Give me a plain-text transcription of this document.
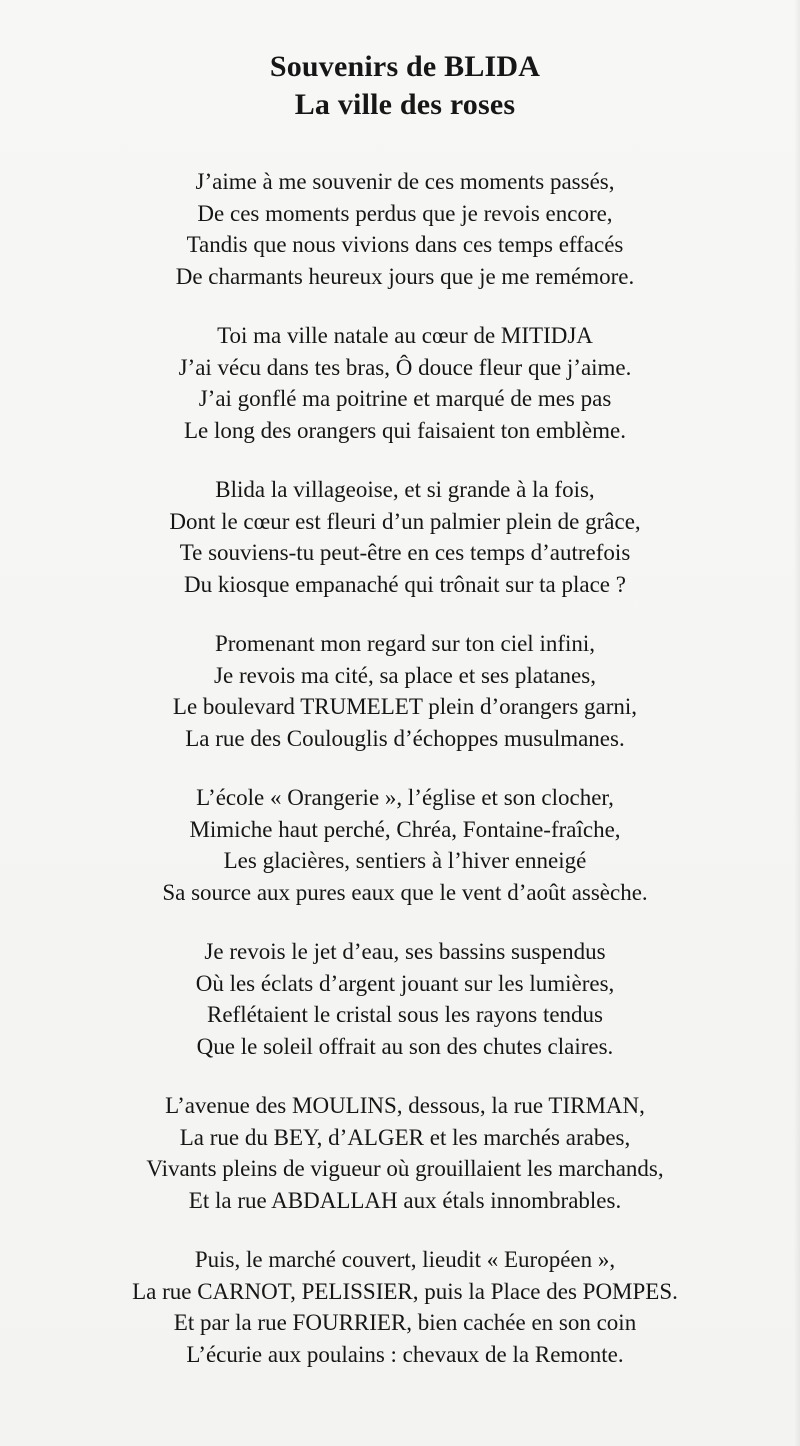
Souvenirs de BLIDA
La ville des roses
J’aime à me souvenir de ces moments passés,
De ces moments perdus que je revois encore,
Tandis que nous vivions dans ces temps effacés
De charmants heureux jours que je me remémore.
Toi ma ville natale au cœur de MITIDJA
J’ai vécu dans tes bras, Ô douce fleur que j’aime.
J’ai gonflé ma poitrine et marqué de mes pas
Le long des orangers qui faisaient ton emblème.
Blida la villageoise, et si grande à la fois,
Dont le cœur est fleuri d’un palmier plein de grâce,
Te souviens-tu peut-être en ces temps d’autrefois
Du kiosque empanaché qui trônait sur ta place ?
Promenant mon regard sur ton ciel infini,
Je revois ma cité, sa place et ses platanes,
Le boulevard TRUMELET plein d’orangers garni,
La rue des Coulouglis d’échoppes musulmanes.
L’école « Orangerie », l’église et son clocher,
Mimiche haut perché, Chréa, Fontaine-fraîche,
Les glacières, sentiers à l’hiver enneigé
Sa source aux pures eaux que le vent d’août assèche.
Je revois le jet d’eau, ses bassins suspendus
Où les éclats d’argent jouant sur les lumières,
Reflétaient le cristal sous les rayons tendus
Que le soleil offrait au son des chutes claires.
L’avenue des MOULINS, dessous, la rue TIRMAN,
La rue du BEY, d’ALGER et les marchés arabes,
Vivants pleins de vigueur où grouillaient les marchands,
Et la rue ABDALLAH aux étals innombrables.
Puis, le marché couvert, lieudit « Européen »,
La rue CARNOT, PELISSIER, puis la Place des POMPES.
Et par la rue FOURRIER, bien cachée en son coin
L’écurie aux poulains : chevaux de la Remonte.
